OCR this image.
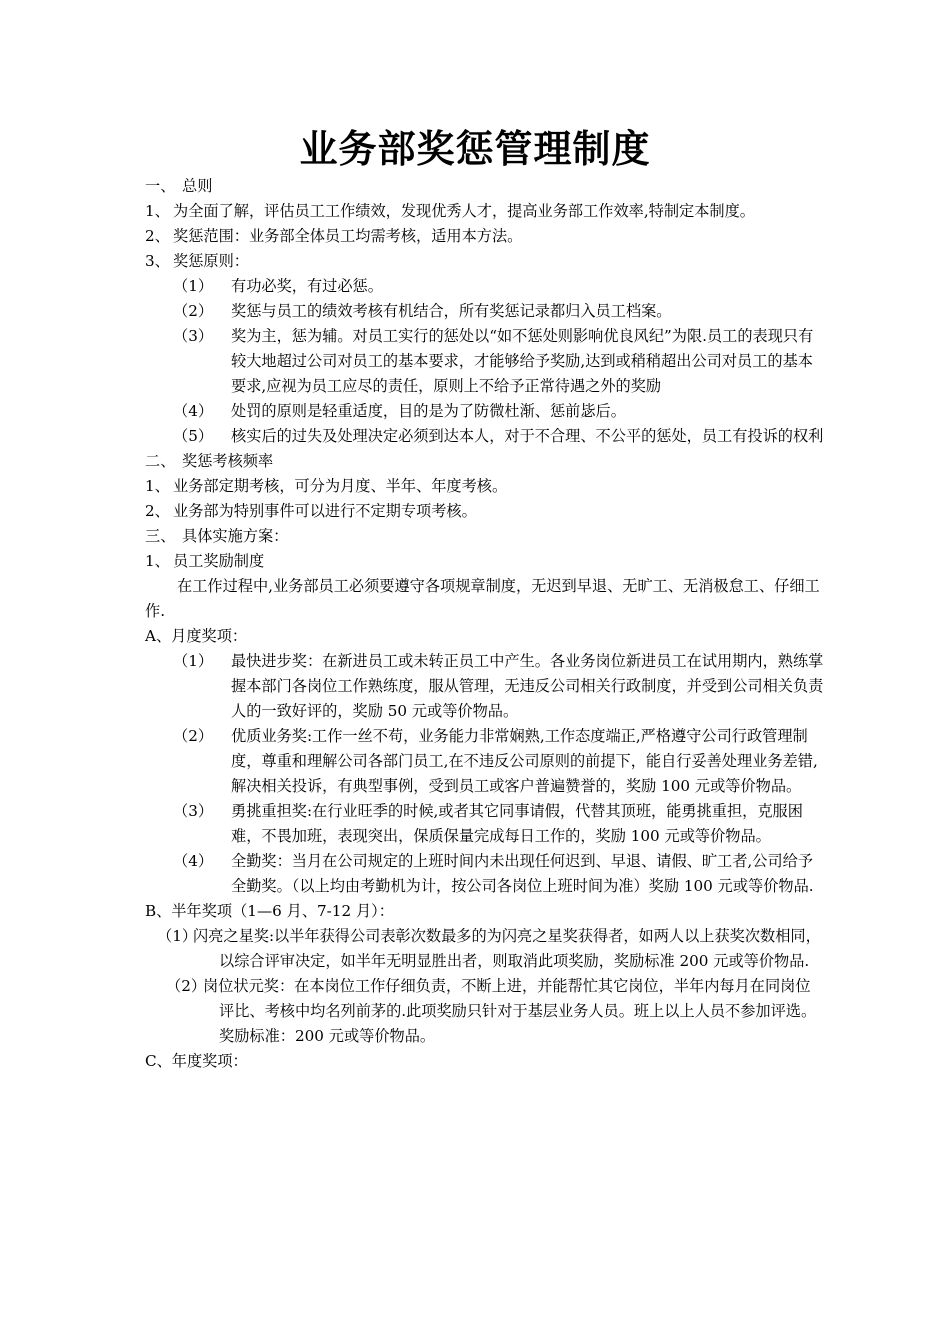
业务部奖惩管理制度
一、 总则
1、 为全面了解，评估员工工作绩效，发现优秀人才，提高业务部工作效率,特制定本制度。
2、 奖惩范围：业务部全体员工均需考核，适用本方法。
3、 奖惩原则：
（1） 有功必奖，有过必惩。
（2） 奖惩与员工的绩效考核有机结合，所有奖惩记录都归入员工档案。
（3） 奖为主，惩为辅。对员工实行的惩处以“如不惩处则影响优良风纪”为限.员工的表现只有较大地超过公司对员工的基本要求，才能够给予奖励,达到或稍稍超出公司对员工的基本要求,应视为员工应尽的责任，原则上不给予正常待遇之外的奖励
（4） 处罚的原则是轻重适度，目的是为了防微杜渐、惩前毖后。
（5） 核实后的过失及处理决定必须到达本人，对于不合理、不公平的惩处，员工有投诉的权利
二、 奖惩考核频率
1、 业务部定期考核，可分为月度、半年、年度考核。
2、 业务部为特别事件可以进行不定期专项考核。
三、 具体实施方案：
1、 员工奖励制度
在工作过程中,业务部员工必须要遵守各项规章制度，无迟到早退、无旷工、无消极怠工、仔细工作.
A、月度奖项：
（1） 最快进步奖：在新进员工或未转正员工中产生。各业务岗位新进员工在试用期内，熟练掌握本部门各岗位工作熟练度，服从管理，无违反公司相关行政制度，并受到公司相关负责人的一致好评的，奖励 50 元或等价物品。
（2） 优质业务奖:工作一丝不苟，业务能力非常娴熟,工作态度端正,严格遵守公司行政管理制度，尊重和理解公司各部门员工,在不违反公司原则的前提下，能自行妥善处理业务差错,解决相关投诉，有典型事例，受到员工或客户普遍赞誉的，奖励 100 元或等价物品。
（3） 勇挑重担奖:在行业旺季的时候,或者其它同事请假，代替其顶班，能勇挑重担，克服困难，不畏加班，表现突出，保质保量完成每日工作的，奖励 100 元或等价物品。
（4） 全勤奖：当月在公司规定的上班时间内未出现任何迟到、早退、请假、旷工者,公司给予全勤奖。（以上均由考勤机为计，按公司各岗位上班时间为准）奖励 100 元或等价物品.
B、半年奖项（1—6 月、7-12 月）：
（1）
闪亮之星奖:以半年获得公司表彰次数最多的为闪亮之星奖获得者，如两人以上获奖次数相同，以综合评审决定，如半年无明显胜出者，则取消此项奖励，奖励标准 200 元或等价物品.
（2）
岗位状元奖：在本岗位工作仔细负责，不断上进，并能帮忙其它岗位，半年内每月在同岗位评比、考核中均名列前茅的.此项奖励只针对于基层业务人员。班上以上人员不参加评选。奖励标准：200 元或等价物品。
C、年度奖项：
